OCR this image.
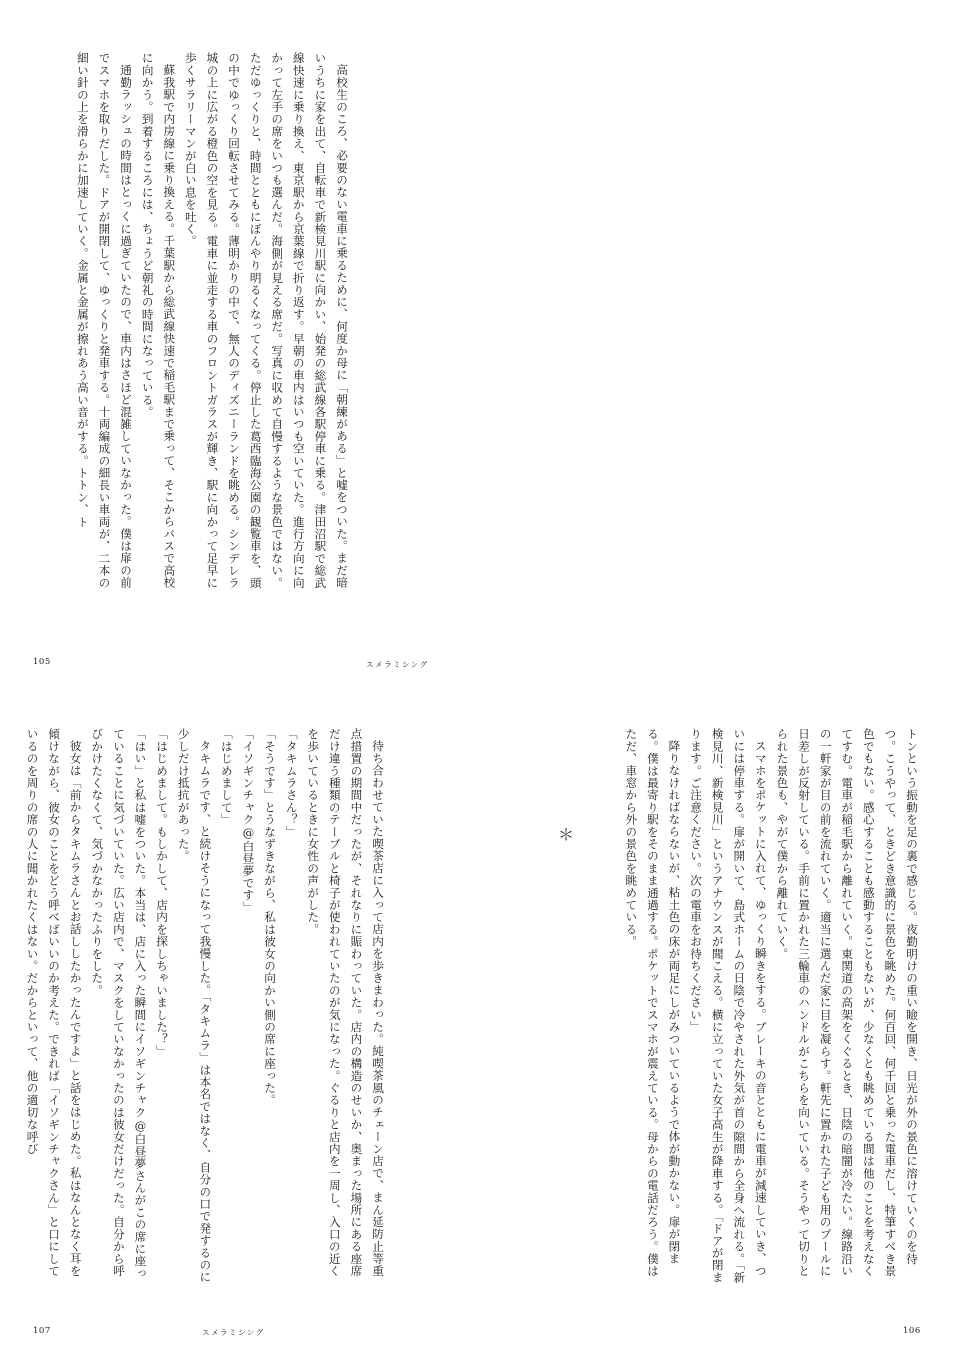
高校生のころ、必要のない電車に乗るために、何度か母に「朝練がある」と嘘をついた。まだ暗いうちに家を出て、自転車で新検見川駅に向かい、始発の総武線各駅停車に乗る。津田沼駅で総武線快速に乗り換え、東京駅から京葉線で折り返す。早朝の車内はいつも空いていた。進行方向に向かって左手の席をいつも選んだ。海側が見える席だ。写真に収めて自慢するような景色ではない。ただゆっくりと、時間とともにぼんやり明るくなってくる。停止した葛西臨海公園の観覧車を、頭の中でゆっくり回転させてみる。薄明かりの中で、無人のディズニーランドを眺める。シンデレラ城の上に広がる橙色の空を見る。電車に並走する車のフロントガラスが輝き、駅に向かって足早に歩くサラリーマンが白い息を吐く。

蘇我駅で内房線に乗り換える。千葉駅から総武線快速で稲毛駅まで乗って、そこからバスで高校に向かう。到着するころには、ちょうど朝礼の時間になっている。

通勤ラッシュの時間はとっくに過ぎていたので、車内はさほど混雑していなかった。僕は扉の前でスマホを取りだした。ドアが開閉して、ゆっくりと発車する。十両編成の細長い車両が、二本の細い針の上を滑らかに加速していく。金属と金属が擦れあう高い音がする。トトン、ト

105	スメラミシング

トンという振動を足の裏で感じる。夜勤明けの重い瞼を開き、日光が外の景色に溶けていくのを待つ。こうやって、ときどき意識的に景色を眺めた。何百回、何千回と乗った電車だし、特筆すべき景色でもない。感心することも感動することもないが、少なくとも眺めている間は他のことを考えなくてすむ。電車が稲毛駅から離れていく。東関道の高架をくぐるとき、日陰の暗闇が冷たい。線路沿いの一軒家が目の前を流れていく。適当に選んだ家に目を凝らす。軒先に置かれた子ども用のプールに日差しが反射している。手前に置かれた三輪車のハンドルがこちらを向いている。そうやって切りとられた景色も、やがて僕から離れていく。

スマホをポケットに入れて、ゆっくり瞬きをする。ブレーキの音とともに電車が減速していき、ついには停車する。扉が開いて、島式ホームの日陰で冷やされた外気が首の隙間から全身へ流れる。「新検見川、新検見川」というアナウンスが聞こえる。横に立っていた女子高生が降車する。「ドアが閉まります。ご注意ください。次の電車をお待ちください」

降りなければならないが、粘土色の床が両足にしがみついているようで体が動かない。扉が閉まる。僕は最寄り駅をそのまま通過する。ポケットでスマホが震えている。母からの電話だろう。僕はただ、車窓から外の景色を眺めている。

106
＊

待ち合わせていた喫茶店に入って店内を歩きまわった。純喫茶風のチェーン店で、まん延防止等重点措置の期間中だったが、それなりに賑わっていた。店内の構造のせいか、奥まった場所にある座席だけ違う種類のテーブルと椅子が使われていたのが気になった。ぐるりと店内を一周し、入口の近くを歩いているときに女性の声がした。

「タキムラさん？」

「そうです」とうなずきながら、私は彼女の向かい側の席に座った。

「イソギンチャク@白昼夢です」

「はじめまして」

タキムラです、と続けそうになって我慢した。「タキムラ」は本名ではなく、自分の口で発するのに少しだけ抵抗があった。

「はじめまして。もしかして、店内を探しちゃいました？」

「はい」と私は嘘をついた。本当は、店に入った瞬間にイソギンチャク@白昼夢さんがこの席に座っていることに気づいていた。広い店内で、マスクをしていなかったのは彼女だけだった。自分から呼びかけたくなくて、気づかなかったふりをした。

彼女は「前からタキムラさんとお話ししたかったんですよ」と話をはじめた。私はなんとなく耳を傾けながら、彼女のことをどう呼べばいいのか考えた。できれば「イソギンチャクさん」と口にしているのを周りの席の人に聞かれたくはない。だからといって、他の適切な呼び

107	スメラミシング
